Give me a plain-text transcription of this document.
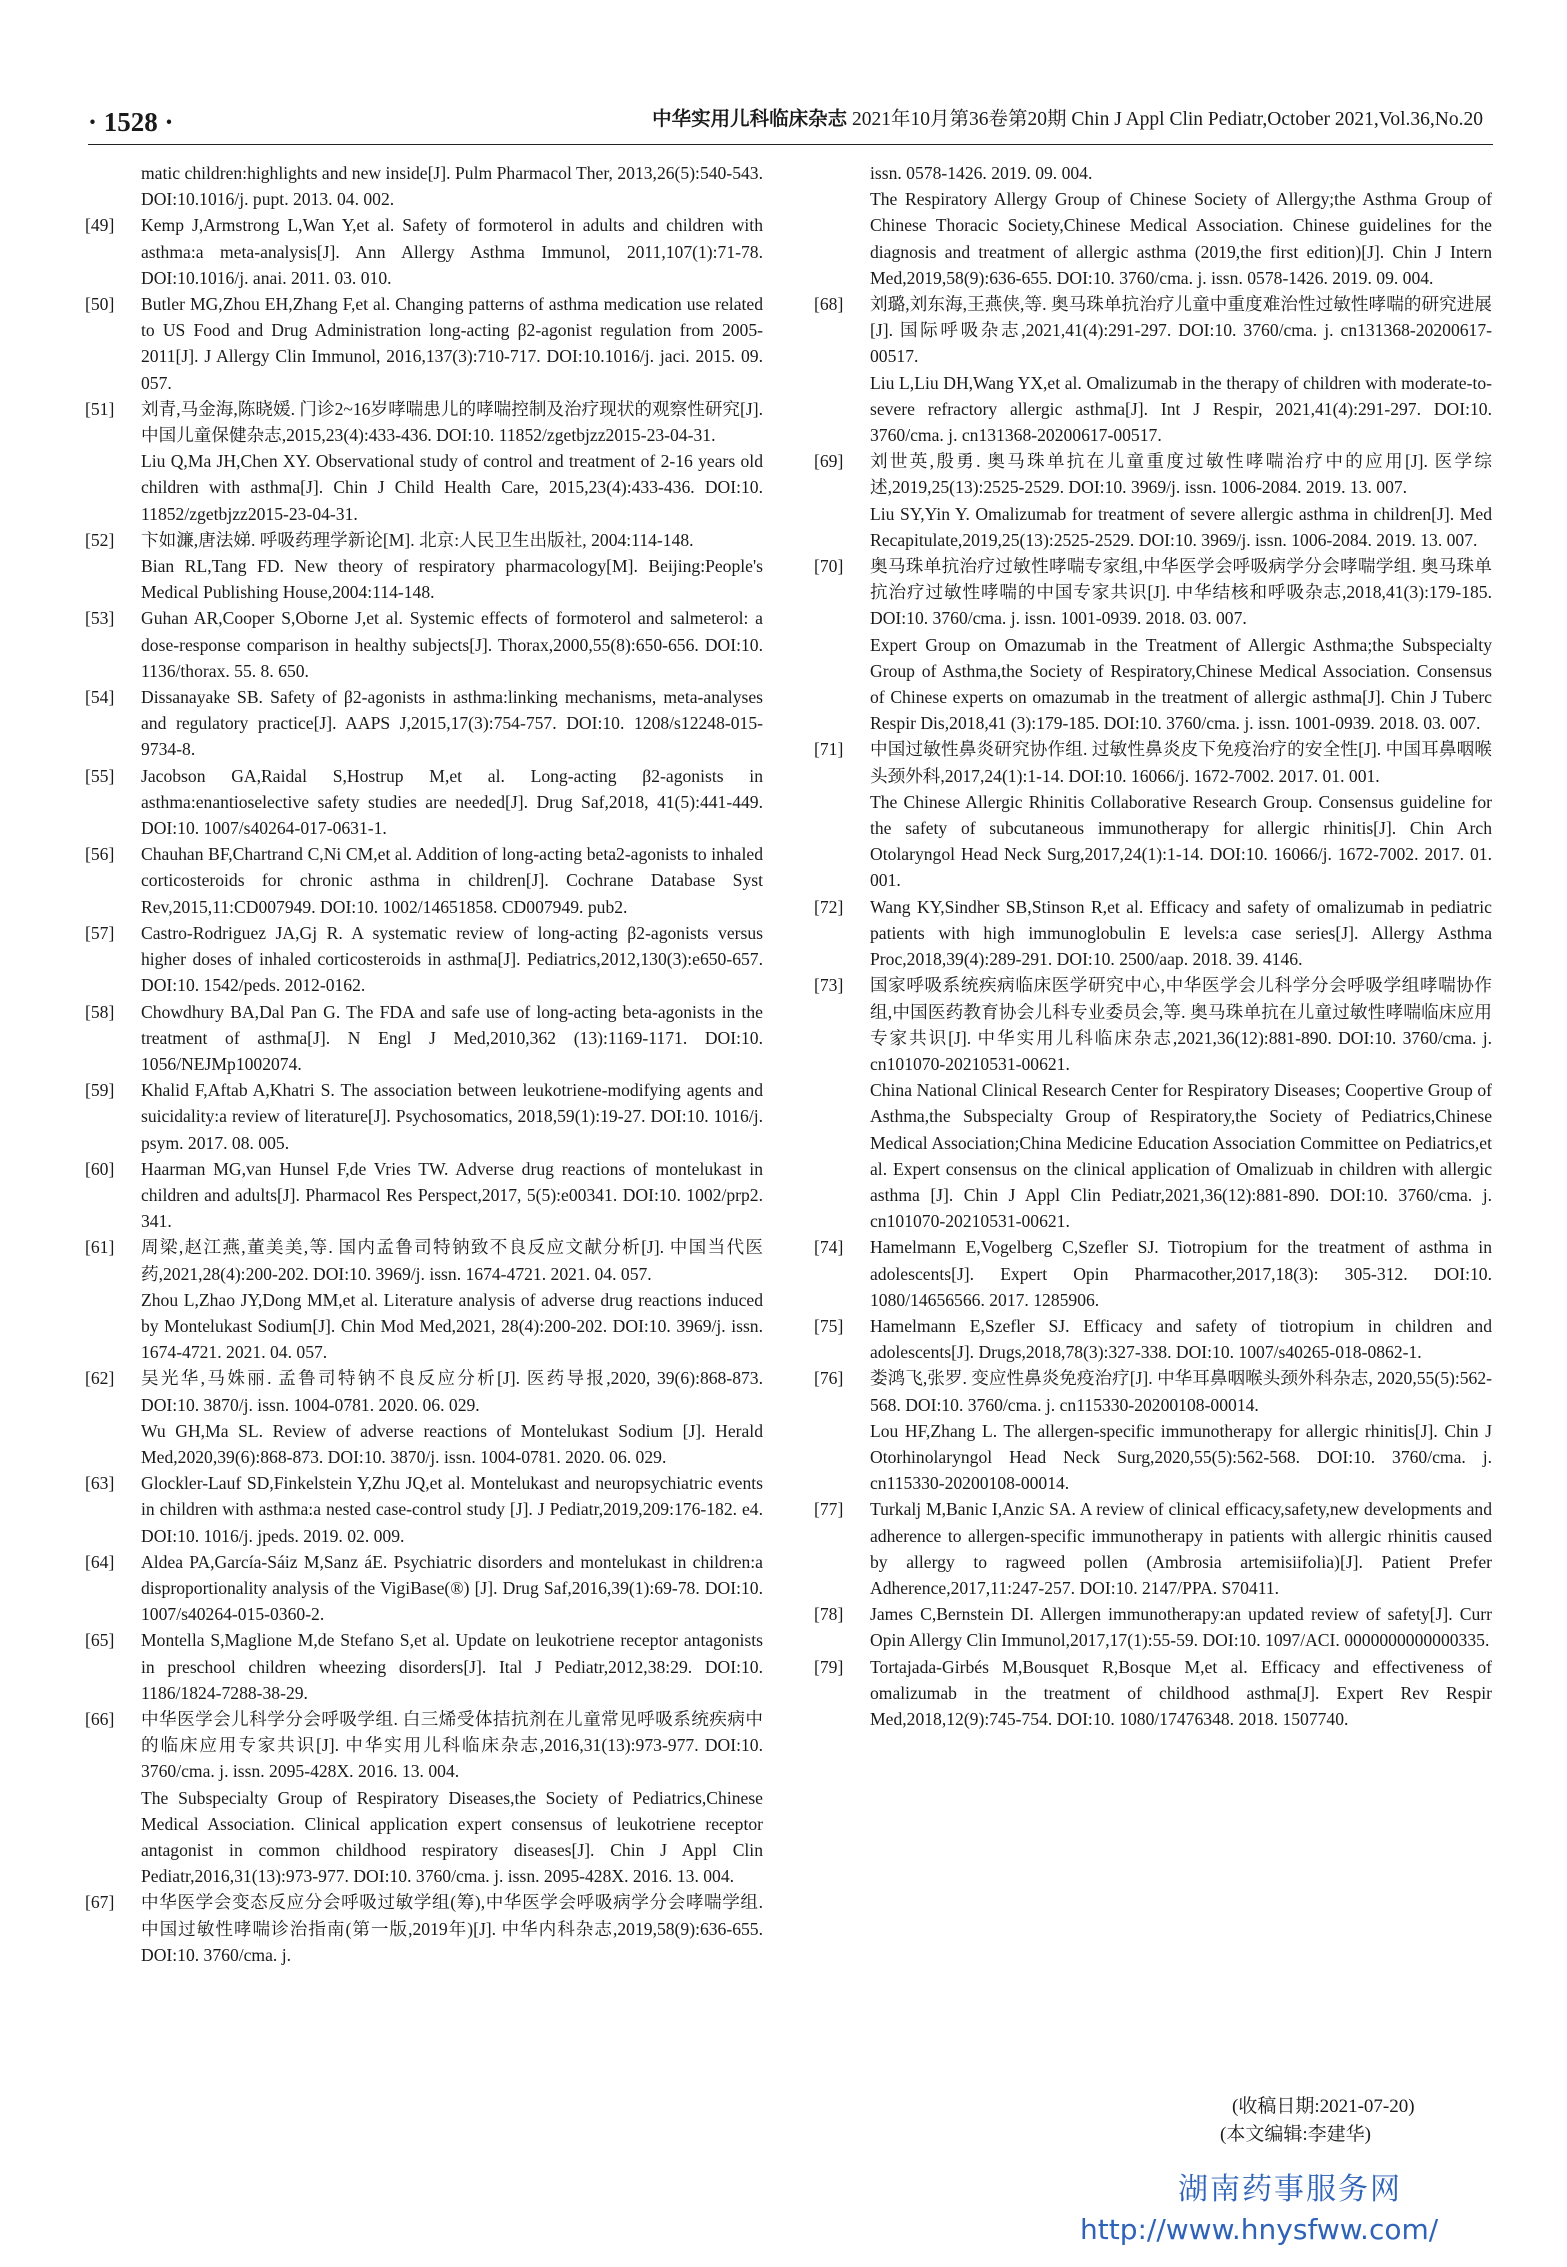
· 1528 ·	中华实用儿科临床杂志 2021年10月第36卷第20期 Chin J Appl Clin Pediatr,October 2021,Vol.36,No.20
matic children:highlights and new inside[J]. Pulm Pharmacol Ther, 2013,26(5):540-543. DOI:10.1016/j. pupt. 2013. 04. 002.
[49]	Kemp J,Armstrong L,Wan Y,et al. Safety of formoterol in adults and children with asthma:a meta-analysis[J]. Ann Allergy Asthma Immunol, 2011,107(1):71-78. DOI:10.1016/j. anai. 2011. 03. 010.
[50]	Butler MG,Zhou EH,Zhang F,et al. Changing patterns of asthma medication use related to US Food and Drug Administration long-acting β2-agonist regulation from 2005-2011[J]. J Allergy Clin Immunol, 2016,137(3):710-717. DOI:10.1016/j. jaci. 2015. 09. 057.
[51]	刘青,马金海,陈晓媛. 门诊2~16岁哮喘患儿的哮喘控制及治疗现状的观察性研究[J]. 中国儿童保健杂志,2015,23(4):433-436. DOI:10. 11852/zgetbjzz2015-23-04-31.
Liu Q,Ma JH,Chen XY. Observational study of control and treatment of 2-16 years old children with asthma[J]. Chin J Child Health Care, 2015,23(4):433-436. DOI:10. 11852/zgetbjzz2015-23-04-31.
[52]	卞如濂,唐法娣. 呼吸药理学新论[M]. 北京:人民卫生出版社, 2004:114-148.
Bian RL,Tang FD. New theory of respiratory pharmacology[M]. Beijing:People's Medical Publishing House,2004:114-148.
[53]	Guhan AR,Cooper S,Oborne J,et al. Systemic effects of formoterol and salmeterol: a dose-response comparison in healthy subjects[J]. Thorax,2000,55(8):650-656. DOI:10. 1136/thorax. 55. 8. 650.
[54]	Dissanayake SB. Safety of β2-agonists in asthma:linking mechanisms, meta-analyses and regulatory practice[J]. AAPS J,2015,17(3):754-757. DOI:10. 1208/s12248-015-9734-8.
[55]	Jacobson GA,Raidal S,Hostrup M,et al. Long-acting β2-agonists in asthma:enantioselective safety studies are needed[J]. Drug Saf,2018, 41(5):441-449. DOI:10. 1007/s40264-017-0631-1.
[56]	Chauhan BF,Chartrand C,Ni CM,et al. Addition of long-acting beta2-agonists to inhaled corticosteroids for chronic asthma in children[J]. Cochrane Database Syst Rev,2015,11:CD007949. DOI:10. 1002/14651858. CD007949. pub2.
[57]	Castro-Rodriguez JA,Gj R. A systematic review of long-acting β2-agonists versus higher doses of inhaled corticosteroids in asthma[J]. Pediatrics,2012,130(3):e650-657. DOI:10. 1542/peds. 2012-0162.
[58]	Chowdhury BA,Dal Pan G. The FDA and safe use of long-acting beta-agonists in the treatment of asthma[J]. N Engl J Med,2010,362 (13):1169-1171. DOI:10. 1056/NEJMp1002074.
[59]	Khalid F,Aftab A,Khatri S. The association between leukotriene-modifying agents and suicidality:a review of literature[J]. Psychosomatics, 2018,59(1):19-27. DOI:10. 1016/j. psym. 2017. 08. 005.
[60]	Haarman MG,van Hunsel F,de Vries TW. Adverse drug reactions of montelukast in children and adults[J]. Pharmacol Res Perspect,2017, 5(5):e00341. DOI:10. 1002/prp2. 341.
[61]	周梁,赵江燕,董美美,等. 国内孟鲁司特钠致不良反应文献分析[J]. 中国当代医药,2021,28(4):200-202. DOI:10. 3969/j. issn. 1674-4721. 2021. 04. 057.
Zhou L,Zhao JY,Dong MM,et al. Literature analysis of adverse drug reactions induced by Montelukast Sodium[J]. Chin Mod Med,2021, 28(4):200-202. DOI:10. 3969/j. issn. 1674-4721. 2021. 04. 057.
[62]	吴光华,马姝丽. 孟鲁司特钠不良反应分析[J]. 医药导报,2020, 39(6):868-873. DOI:10. 3870/j. issn. 1004-0781. 2020. 06. 029.
Wu GH,Ma SL. Review of adverse reactions of Montelukast Sodium [J]. Herald Med,2020,39(6):868-873. DOI:10. 3870/j. issn. 1004-0781. 2020. 06. 029.
[63]	Glockler-Lauf SD,Finkelstein Y,Zhu JQ,et al. Montelukast and neuropsychiatric events in children with asthma:a nested case-control study [J]. J Pediatr,2019,209:176-182. e4. DOI:10. 1016/j. jpeds. 2019. 02. 009.
[64]	Aldea PA,García-Sáiz M,Sanz áE. Psychiatric disorders and montelukast in children:a disproportionality analysis of the VigiBase(®) [J]. Drug Saf,2016,39(1):69-78. DOI:10. 1007/s40264-015-0360-2.
[65]	Montella S,Maglione M,de Stefano S,et al. Update on leukotriene receptor antagonists in preschool children wheezing disorders[J]. Ital J Pediatr,2012,38:29. DOI:10. 1186/1824-7288-38-29.
[66]	中华医学会儿科学分会呼吸学组. 白三烯受体拮抗剂在儿童常见呼吸系统疾病中的临床应用专家共识[J]. 中华实用儿科临床杂志,2016,31(13):973-977. DOI:10. 3760/cma. j. issn. 2095-428X. 2016. 13. 004.
The Subspecialty Group of Respiratory Diseases,the Society of Pediatrics,Chinese Medical Association. Clinical application expert consensus of leukotriene receptor antagonist in common childhood respiratory diseases[J]. Chin J Appl Clin Pediatr,2016,31(13):973-977. DOI:10. 3760/cma. j. issn. 2095-428X. 2016. 13. 004.
[67]	中华医学会变态反应分会呼吸过敏学组(筹),中华医学会呼吸病学分会哮喘学组. 中国过敏性哮喘诊治指南(第一版,2019年)[J]. 中华内科杂志,2019,58(9):636-655. DOI:10. 3760/cma. j.
issn. 0578-1426. 2019. 09. 004.
The Respiratory Allergy Group of Chinese Society of Allergy;the Asthma Group of Chinese Thoracic Society,Chinese Medical Association. Chinese guidelines for the diagnosis and treatment of allergic asthma (2019,the first edition)[J]. Chin J Intern Med,2019,58(9):636-655. DOI:10. 3760/cma. j. issn. 0578-1426. 2019. 09. 004.
[68]	刘璐,刘东海,王燕侠,等. 奥马珠单抗治疗儿童中重度难治性过敏性哮喘的研究进展[J]. 国际呼吸杂志,2021,41(4):291-297. DOI:10. 3760/cma. j. cn131368-20200617-00517.
Liu L,Liu DH,Wang YX,et al. Omalizumab in the therapy of children with moderate-to-severe refractory allergic asthma[J]. Int J Respir, 2021,41(4):291-297. DOI:10. 3760/cma. j. cn131368-20200617-00517.
[69]	刘世英,殷勇. 奥马珠单抗在儿童重度过敏性哮喘治疗中的应用[J]. 医学综述,2019,25(13):2525-2529. DOI:10. 3969/j. issn. 1006-2084. 2019. 13. 007.
Liu SY,Yin Y. Omalizumab for treatment of severe allergic asthma in children[J]. Med Recapitulate,2019,25(13):2525-2529. DOI:10. 3969/j. issn. 1006-2084. 2019. 13. 007.
[70]	奥马珠单抗治疗过敏性哮喘专家组,中华医学会呼吸病学分会哮喘学组. 奥马珠单抗治疗过敏性哮喘的中国专家共识[J]. 中华结核和呼吸杂志,2018,41(3):179-185. DOI:10. 3760/cma. j. issn. 1001-0939. 2018. 03. 007.
Expert Group on Omazumab in the Treatment of Allergic Asthma;the Subspecialty Group of Asthma,the Society of Respiratory,Chinese Medical Association. Consensus of Chinese experts on omazumab in the treatment of allergic asthma[J]. Chin J Tuberc Respir Dis,2018,41 (3):179-185. DOI:10. 3760/cma. j. issn. 1001-0939. 2018. 03. 007.
[71]	中国过敏性鼻炎研究协作组. 过敏性鼻炎皮下免疫治疗的安全性[J]. 中国耳鼻咽喉头颈外科,2017,24(1):1-14. DOI:10. 16066/j. 1672-7002. 2017. 01. 001.
The Chinese Allergic Rhinitis Collaborative Research Group. Consensus guideline for the safety of subcutaneous immunotherapy for allergic rhinitis[J]. Chin Arch Otolaryngol Head Neck Surg,2017,24(1):1-14. DOI:10. 16066/j. 1672-7002. 2017. 01. 001.
[72]	Wang KY,Sindher SB,Stinson R,et al. Efficacy and safety of omalizumab in pediatric patients with high immunoglobulin E levels:a case series[J]. Allergy Asthma Proc,2018,39(4):289-291. DOI:10. 2500/aap. 2018. 39. 4146.
[73]	国家呼吸系统疾病临床医学研究中心,中华医学会儿科学分会呼吸学组哮喘协作组,中国医药教育协会儿科专业委员会,等. 奥马珠单抗在儿童过敏性哮喘临床应用专家共识[J]. 中华实用儿科临床杂志,2021,36(12):881-890. DOI:10. 3760/cma. j. cn101070-20210531-00621.
China National Clinical Research Center for Respiratory Diseases; Coopertive Group of Asthma,the Subspecialty Group of Respiratory,the Society of Pediatrics,Chinese Medical Association;China Medicine Education Association Committee on Pediatrics,et al. Expert consensus on the clinical application of Omalizuab in children with allergic asthma [J]. Chin J Appl Clin Pediatr,2021,36(12):881-890. DOI:10. 3760/cma. j. cn101070-20210531-00621.
[74]	Hamelmann E,Vogelberg C,Szefler SJ. Tiotropium for the treatment of asthma in adolescents[J]. Expert Opin Pharmacother,2017,18(3): 305-312. DOI:10. 1080/14656566. 2017. 1285906.
[75]	Hamelmann E,Szefler SJ. Efficacy and safety of tiotropium in children and adolescents[J]. Drugs,2018,78(3):327-338. DOI:10. 1007/s40265-018-0862-1.
[76]	娄鸿飞,张罗. 变应性鼻炎免疫治疗[J]. 中华耳鼻咽喉头颈外科杂志, 2020,55(5):562-568. DOI:10. 3760/cma. j. cn115330-20200108-00014.
Lou HF,Zhang L. The allergen-specific immunotherapy for allergic rhinitis[J]. Chin J Otorhinolaryngol Head Neck Surg,2020,55(5):562-568. DOI:10. 3760/cma. j. cn115330-20200108-00014.
[77]	Turkalj M,Banic I,Anzic SA. A review of clinical efficacy,safety,new developments and adherence to allergen-specific immunotherapy in patients with allergic rhinitis caused by allergy to ragweed pollen (Ambrosia artemisiifolia)[J]. Patient Prefer Adherence,2017,11:247-257. DOI:10. 2147/PPA. S70411.
[78]	James C,Bernstein DI. Allergen immunotherapy:an updated review of safety[J]. Curr Opin Allergy Clin Immunol,2017,17(1):55-59. DOI:10. 1097/ACI. 0000000000000335.
[79]	Tortajada-Girbés M,Bousquet R,Bosque M,et al. Efficacy and effectiveness of omalizumab in the treatment of childhood asthma[J]. Expert Rev Respir Med,2018,12(9):745-754. DOI:10. 1080/17476348. 2018. 1507740.
(收稿日期:2021-07-20)
(本文编辑:李建华)
湖南药事服务网
http://www.hnysfww.com/
